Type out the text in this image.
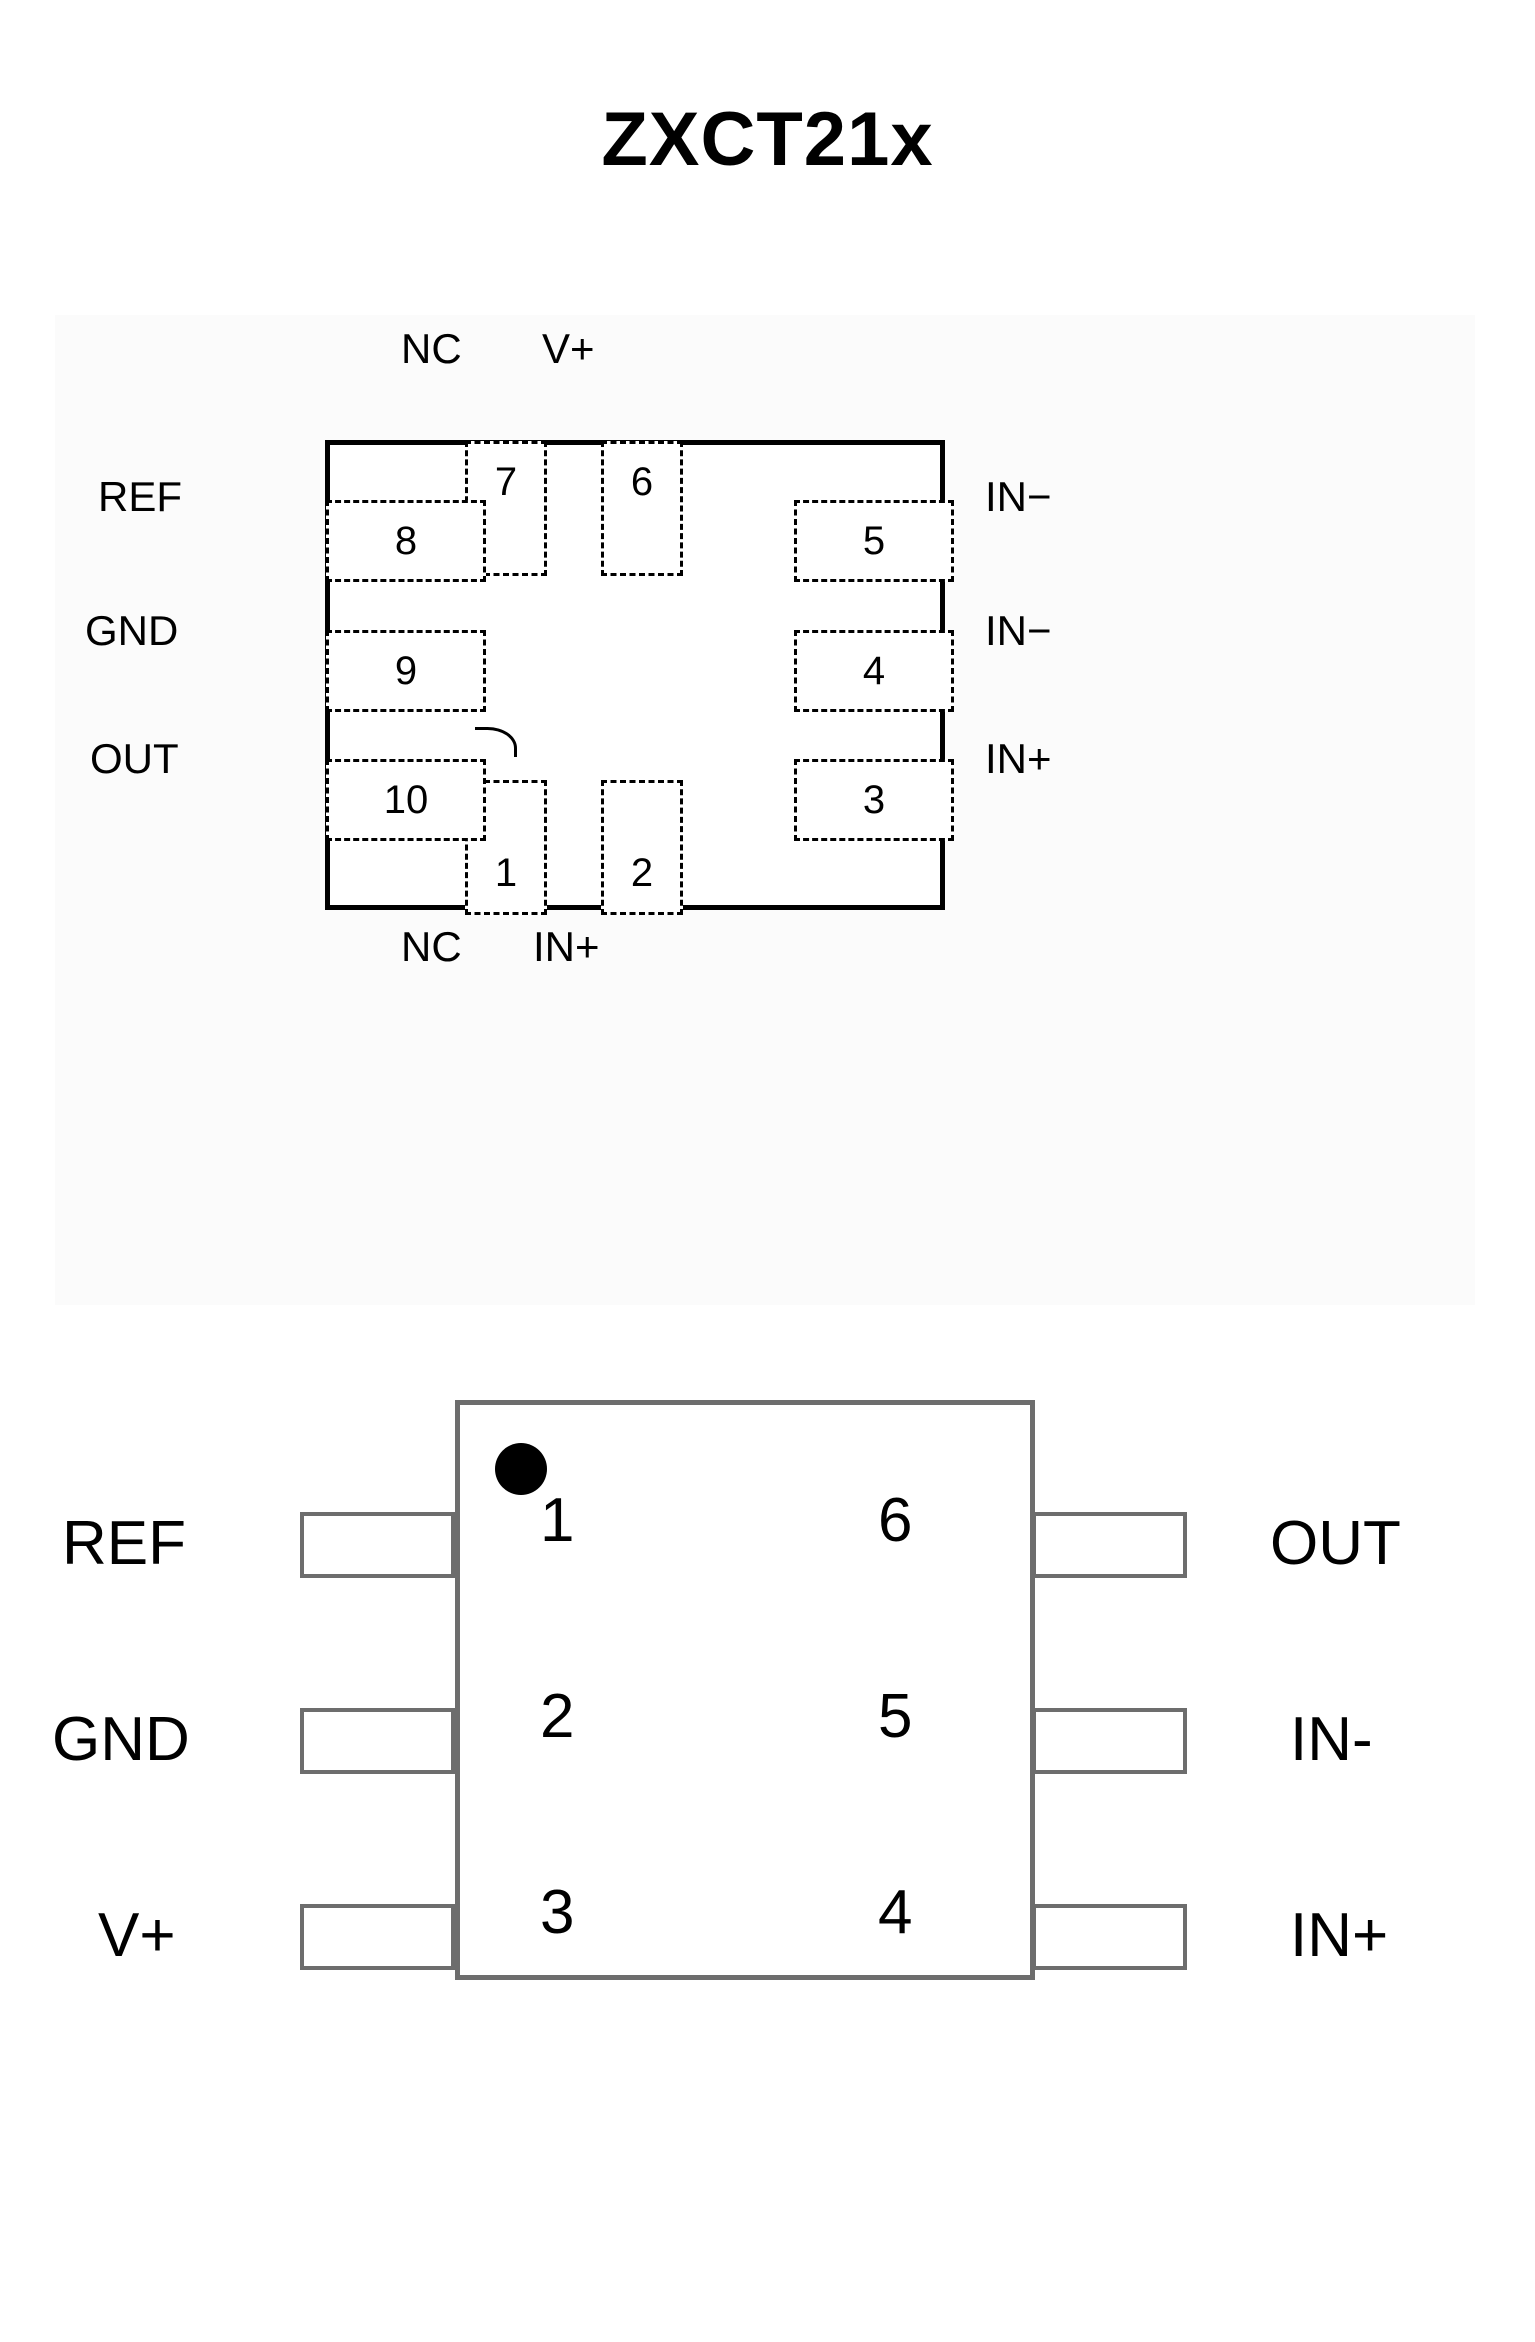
ZXCT21x
NC V+
REF
GND
OUT
IN−
IN−
IN+
NC IN+
7	6
1	2
8
9
10
5
4
3
REF
GND
V+
OUT
IN-
IN+
1
2
3
6
5
4
